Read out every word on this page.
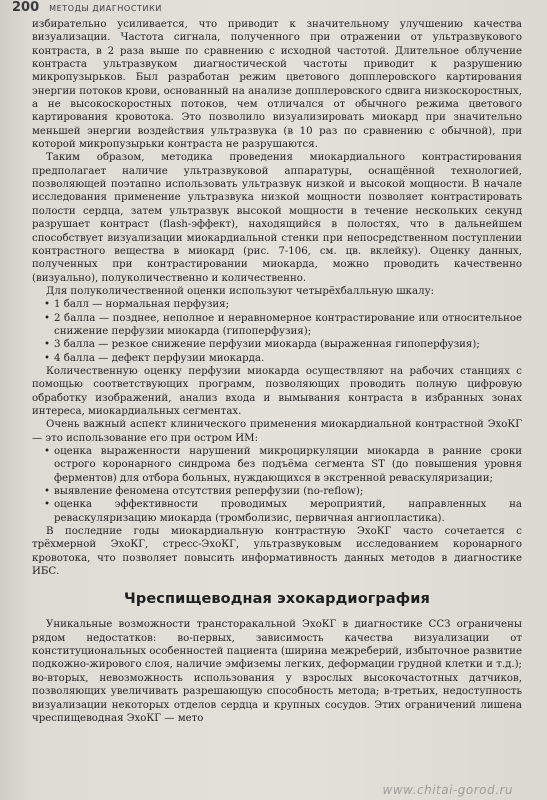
200 МЕТОДЫ ДИАГНОСТИКИ

избирательно усиливается, что приводит к значительному улучшению качества визуализации. Частота сигнала, полученного при отражении от ультразвукового контраста, в 2 раза выше по сравнению с исходной частотой. Длительное облучение контраста ультразвуком диагностической частоты приводит к разрушению микропузырьков. Был разработан режим цветового допплеровского картирования энергии потоков крови, основанный на анализе допплеровского сдвига низкоскоростных, а не высокоскоростных потоков, чем отличался от обычного режима цветового картирования кровотока. Это позволило визуализировать миокард при значительно меньшей энергии воздействия ультразвука (в 10 раз по сравнению с обычной), при которой микропузырьки контраста не разрушаются.

Таким образом, методика проведения миокардиального контрастирования предполагает наличие ультразвуковой аппаратуры, оснащённой технологией, позволяющей поэтапно использовать ультразвук низкой и высокой мощности. В начале исследования применение ультразвука низкой мощности позволяет контрастировать полости сердца, затем ультразвук высокой мощности в течение нескольких секунд разрушает контраст (flash-эффект), находящийся в полостях, что в дальнейшем способствует визуализации миокардиальной стенки при непосредственном поступлении контрастного вещества в миокард (рис. 7-106, см. цв. вклейку). Оценку данных, полученных при контрастировании миокарда, можно проводить качественно (визуально), полуколичественно и количественно.

Для полуколичественной оценки используют четырёхбалльную шкалу:

• 1 балл — нормальная перфузия;
• 2 балла — позднее, неполное и неравномерное контрастирование или относительное снижение перфузии миокарда (гипоперфузия);
• 3 балла — резкое снижение перфузии миокарда (выраженная гипоперфузия);
• 4 балла — дефект перфузии миокарда.

Количественную оценку перфузии миокарда осуществляют на рабочих станциях с помощью соответствующих программ, позволяющих проводить полную цифровую обработку изображений, анализ входа и вымывания контраста в избранных зонах интереса, миокардиальных сегментах.

Очень важный аспект клинического применения миокардиальной контрастной ЭхоКГ — это использование его при остром ИМ:

• оценка выраженности нарушений микроциркуляции миокарда в ранние сроки острого коронарного синдрома без подъёма сегмента ST (до повышения уровня ферментов) для отбора больных, нуждающихся в экстренной реваскуляризации;
• выявление феномена отсутствия реперфузии (no-reflow);
• оценка эффективности проводимых мероприятий, направленных на реваскуляризацию миокарда (тромболизис, первичная ангиопластика).

В последние годы миокардиальную контрастную ЭхоКГ часто сочетается с трёхмерной ЭхоКГ, стресс-ЭхоКГ, ультразвуковым исследованием коронарного кровотока, что позволяет повысить информативность данных методов в диагностике ИБС.

Чреспищеводная эхокардиография

Уникальные возможности трансторакальной ЭхоКГ в диагностике ССЗ ограничены рядом недостатков: во-первых, зависимость качества визуализации от конституциональных особенностей пациента (ширина межреберий, избыточное развитие подкожно-жирового слоя, наличие эмфиземы легких, деформации грудной клетки и т.д.); во-вторых, невозможность использования у взрослых высокочастотных датчиков, позволяющих увеличивать разрешающую способность метода; в-третьих, недоступность визуализации некоторых отделов сердца и крупных сосудов. Этих ограничений лишена чреспищеводная ЭхоКГ — мето

www.chitai-gorod.ru
